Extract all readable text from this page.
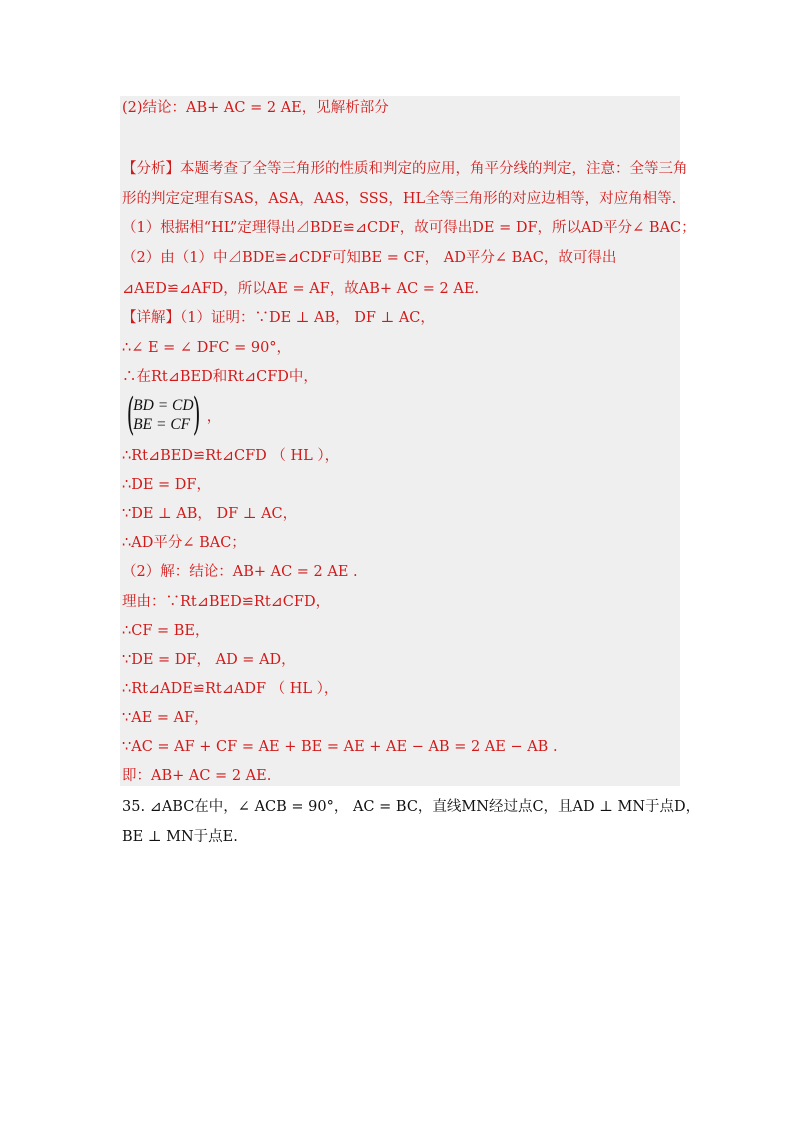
(2)结论：AB+ AC = 2 AE，见解析部分
【分析】本题考查了全等三角形的性质和判定的应用，角平分线的判定，注意：全等三角
形的判定定理有SAS，ASA，AAS，SSS，HL全等三角形的对应边相等，对应角相等.
（1）根据相“HL”定理得出⊿BDE≌⊿CDF，故可得出DE = DF，所以AD平分∠ BAC；
（2）由（1）中⊿BDE≌⊿CDF可知BE = CF， AD平分∠ BAC，故可得出
⊿AED≌⊿AFD，所以AE = AF，故AB+ AC = 2 AE.
【详解】（1）证明：∵DE ⊥ AB， DF ⊥ AC，
∴∠ E = ∠ DFC = 90°，
∴在Rt⊿BED和Rt⊿CFD中，
(
BD = CD
BE = CF ) ，
∴Rt⊿BED≌Rt⊿CFD （ HL ），
∴DE = DF，
∵DE ⊥ AB， DF ⊥ AC，
∴AD平分∠ BAC；
（2）解：结论：AB+ AC = 2 AE .
理由：∵Rt⊿BED≌Rt⊿CFD，
∴CF = BE，
∵DE = DF， AD = AD，
∴Rt⊿ADE≌Rt⊿ADF （ HL ），
∵AE = AF，
∵AC = AF + CF = AE + BE = AE + AE − AB = 2 AE − AB .
即：AB+ AC = 2 AE.
35. ⊿ABC在中，∠ ACB = 90°， AC = BC，直线MN经过点C，且AD ⊥ MN于点D，
BE ⊥ MN于点E.
